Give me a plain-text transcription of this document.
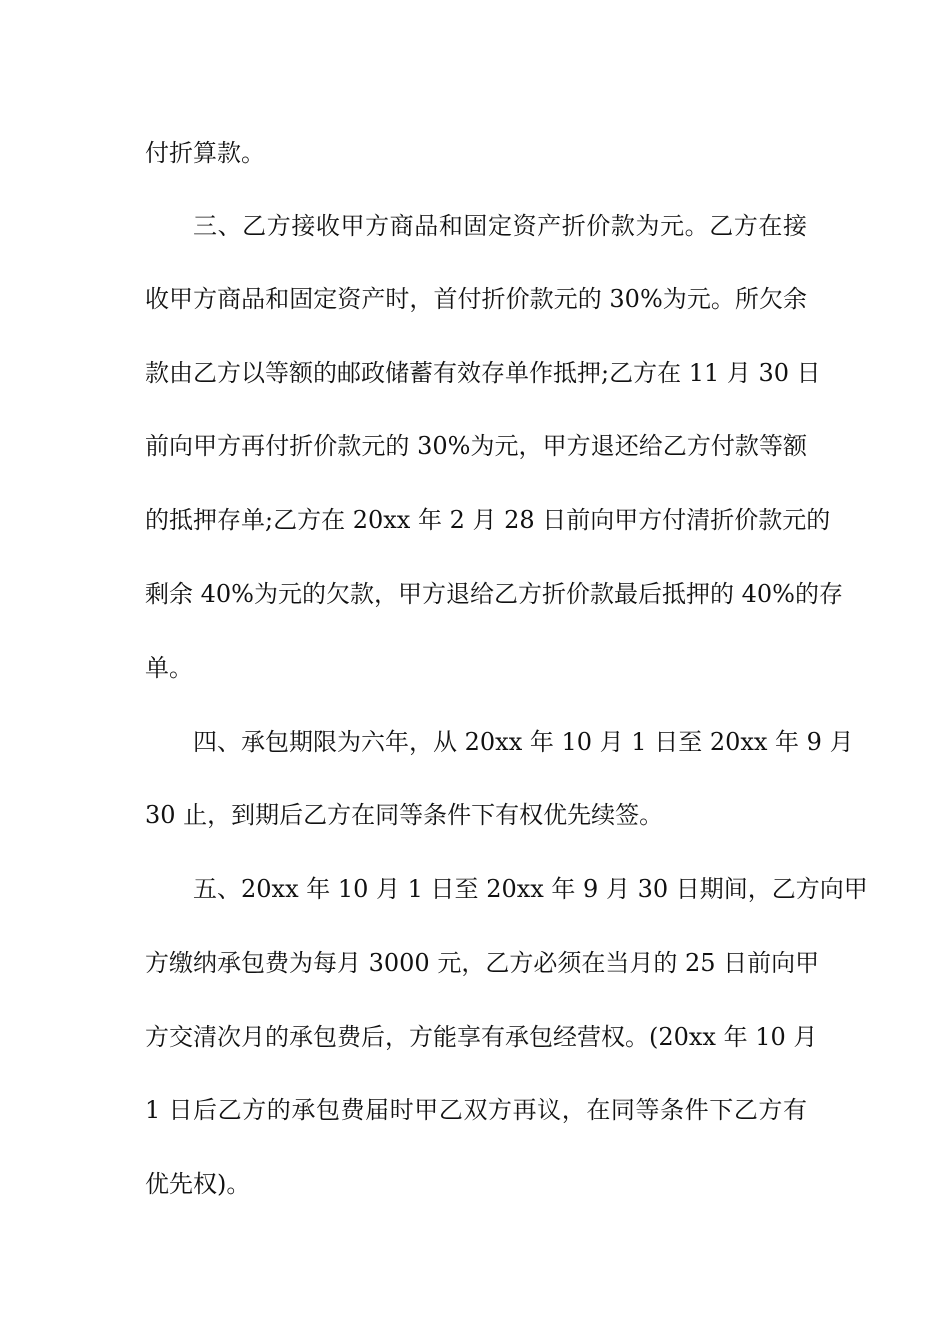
付折算款。
三、乙方接收甲方商品和固定资产折价款为元。乙方在接
收甲方商品和固定资产时，首付折价款元的 30%为元。所欠余
款由乙方以等额的邮政储蓄有效存单作抵押;乙方在 11 月 30 日
前向甲方再付折价款元的 30%为元，甲方退还给乙方付款等额
的抵押存单;乙方在 20xx 年 2 月 28 日前向甲方付清折价款元的
剩余 40%为元的欠款，甲方退给乙方折价款最后抵押的 40%的存
单。
四、承包期限为六年，从 20xx 年 10 月 1 日至 20xx 年 9 月
30 止，到期后乙方在同等条件下有权优先续签。
五、20xx 年 10 月 1 日至 20xx 年 9 月 30 日期间，乙方向甲
方缴纳承包费为每月 3000 元，乙方必须在当月的 25 日前向甲
方交清次月的承包费后，方能享有承包经营权。(20xx 年 10 月
1 日后乙方的承包费届时甲乙双方再议，在同等条件下乙方有
优先权)。
